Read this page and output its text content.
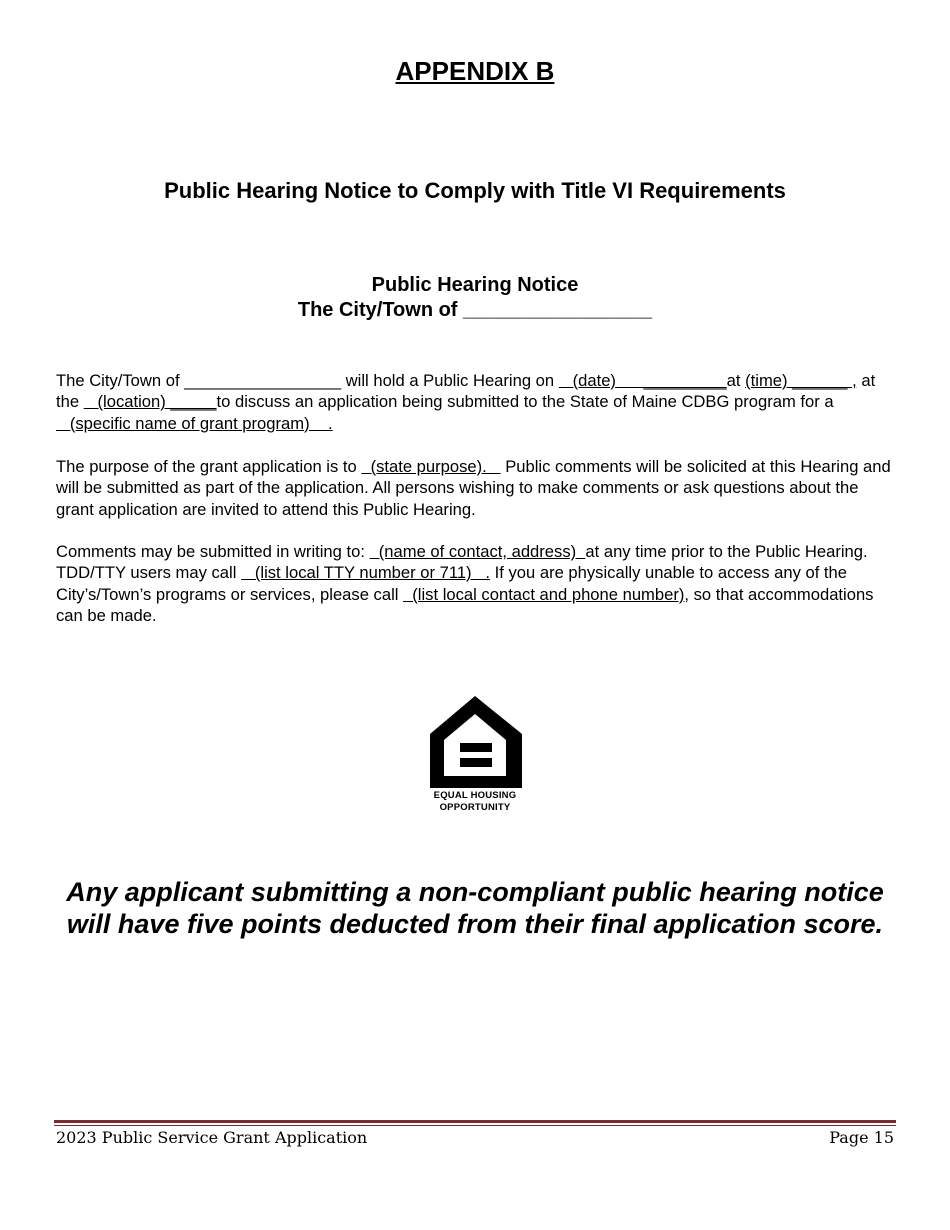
APPENDIX B
Public Hearing Notice to Comply with Title VI Requirements
Public Hearing Notice
The City/Town of _________________
The City/Town of _________________ will hold a Public Hearing on    (date)      _________at (time) ______ , at the    (location) _____to discuss an application being submitted to the State of Maine CDBG program for a    (specific name of grant program)    .
The purpose of the grant application is to   (state purpose).    Public comments will be solicited at this Hearing and will be submitted as part of the application. All persons wishing to make comments or ask questions about the grant application are invited to attend this Public Hearing.
Comments may be submitted in writing to:   (name of contact, address)  at any time prior to the Public Hearing. TDD/TTY users may call    (list local TTY number or 711)   . If you are physically unable to access any of the City’s/Town’s programs or services, please call   (list local contact and phone number), so that accommodations can be made.
EQUAL HOUSING
OPPORTUNITY
Any applicant submitting a non-compliant public hearing notice will have five points deducted from their final application score.
2023 Public Service Grant Application	Page 15
